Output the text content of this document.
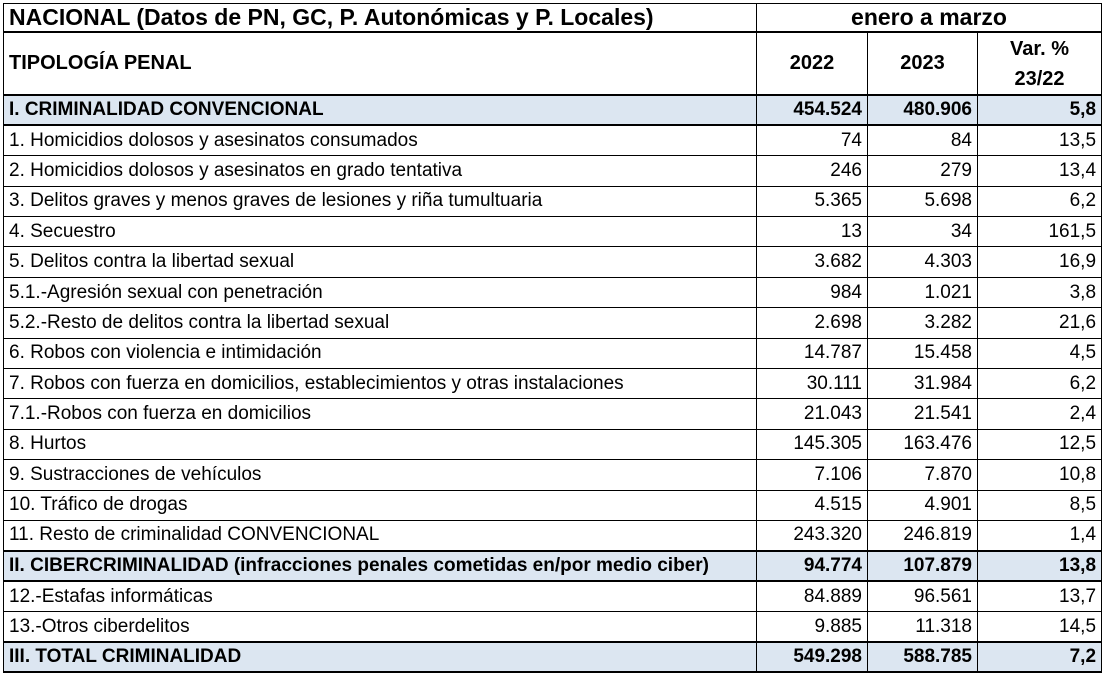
NACIONAL (Datos de PN, GC, P. Autonómicas y P. Locales)	enero a marzo		
TIPOLOGÍA PENAL	2022	2023	Var. %
23/22
I. CRIMINALIDAD CONVENCIONAL	454.524	480.906	5,8
1. Homicidios dolosos y asesinatos consumados	74	84	13,5
2. Homicidios dolosos y asesinatos en grado tentativa	246	279	13,4
3. Delitos graves y menos graves de lesiones y riña tumultuaria	5.365	5.698	6,2
4. Secuestro	13	34	161,5
5. Delitos contra la libertad sexual	3.682	4.303	16,9
5.1.-Agresión sexual con penetración	984	1.021	3,8
5.2.-Resto de delitos contra la libertad sexual	2.698	3.282	21,6
6. Robos con violencia e intimidación	14.787	15.458	4,5
7. Robos con fuerza en domicilios, establecimientos y otras instalaciones	30.111	31.984	6,2
7.1.-Robos con fuerza en domicilios	21.043	21.541	2,4
8. Hurtos	145.305	163.476	12,5
9. Sustracciones de vehículos	7.106	7.870	10,8
10. Tráfico de drogas	4.515	4.901	8,5
11. Resto de criminalidad CONVENCIONAL	243.320	246.819	1,4
II. CIBERCRIMINALIDAD (infracciones penales cometidas en/por medio ciber)	94.774	107.879	13,8
12.-Estafas informáticas	84.889	96.561	13,7
13.-Otros ciberdelitos	9.885	11.318	14,5
III. TOTAL CRIMINALIDAD	549.298	588.785	7,2
